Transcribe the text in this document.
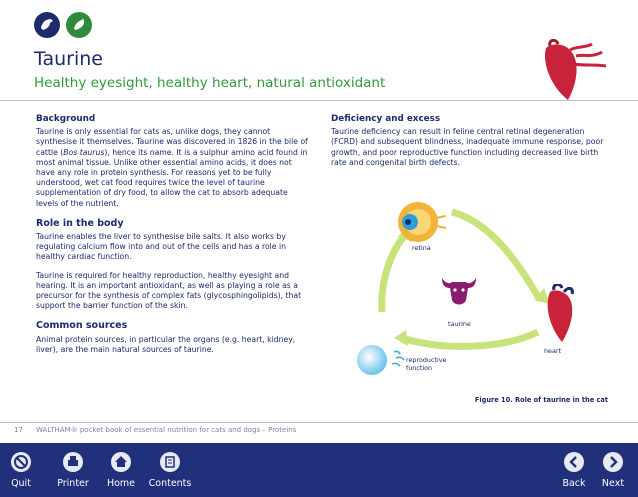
Taurine
Healthy eyesight, healthy heart, natural antioxidant
Background

Taurine is only essential for cats as, unlike dogs, they cannot synthesise it themselves. Taurine was discovered in 1826 in the bile of cattle (Bos taurus), hence its name. It is a sulphur amino acid found in most animal tissue. Unlike other essential amino acids, it does not have any role in protein synthesis. For reasons yet to be fully understood, wet cat food requires twice the level of taurine supplementation of dry food, to allow the cat to absorb adequate levels of the nutrient.

Role in the body

Taurine enables the liver to synthesise bile salts. It also works by regulating calcium flow into and out of the cells and has a role in healthy cardiac function.

Taurine is required for healthy reproduction, healthy eyesight and hearing. It is an important antioxidant, as well as playing a role as a precursor for the synthesis of complex fats (glycosphingolipids), that support the barrier function of the skin.

Common sources

Animal protein sources, in particular the organs (e.g. heart, kidney, liver), are the main natural sources of taurine.

Deficiency and excess

Taurine deficiency can result in feline central retinal degeneration (FCRD) and subsequent blindness, inadequate immune response, poor growth, and poor reproductive function including decreased live birth rate and congenital birth defects.

retina
taurine
heart
reproductive
function
Figure 10. Role of taurine in the cat
17 WALTHAM® pocket book of essential nutrition for cats and dogs – Proteins
Quit	Printer Home Contents	Back Next
